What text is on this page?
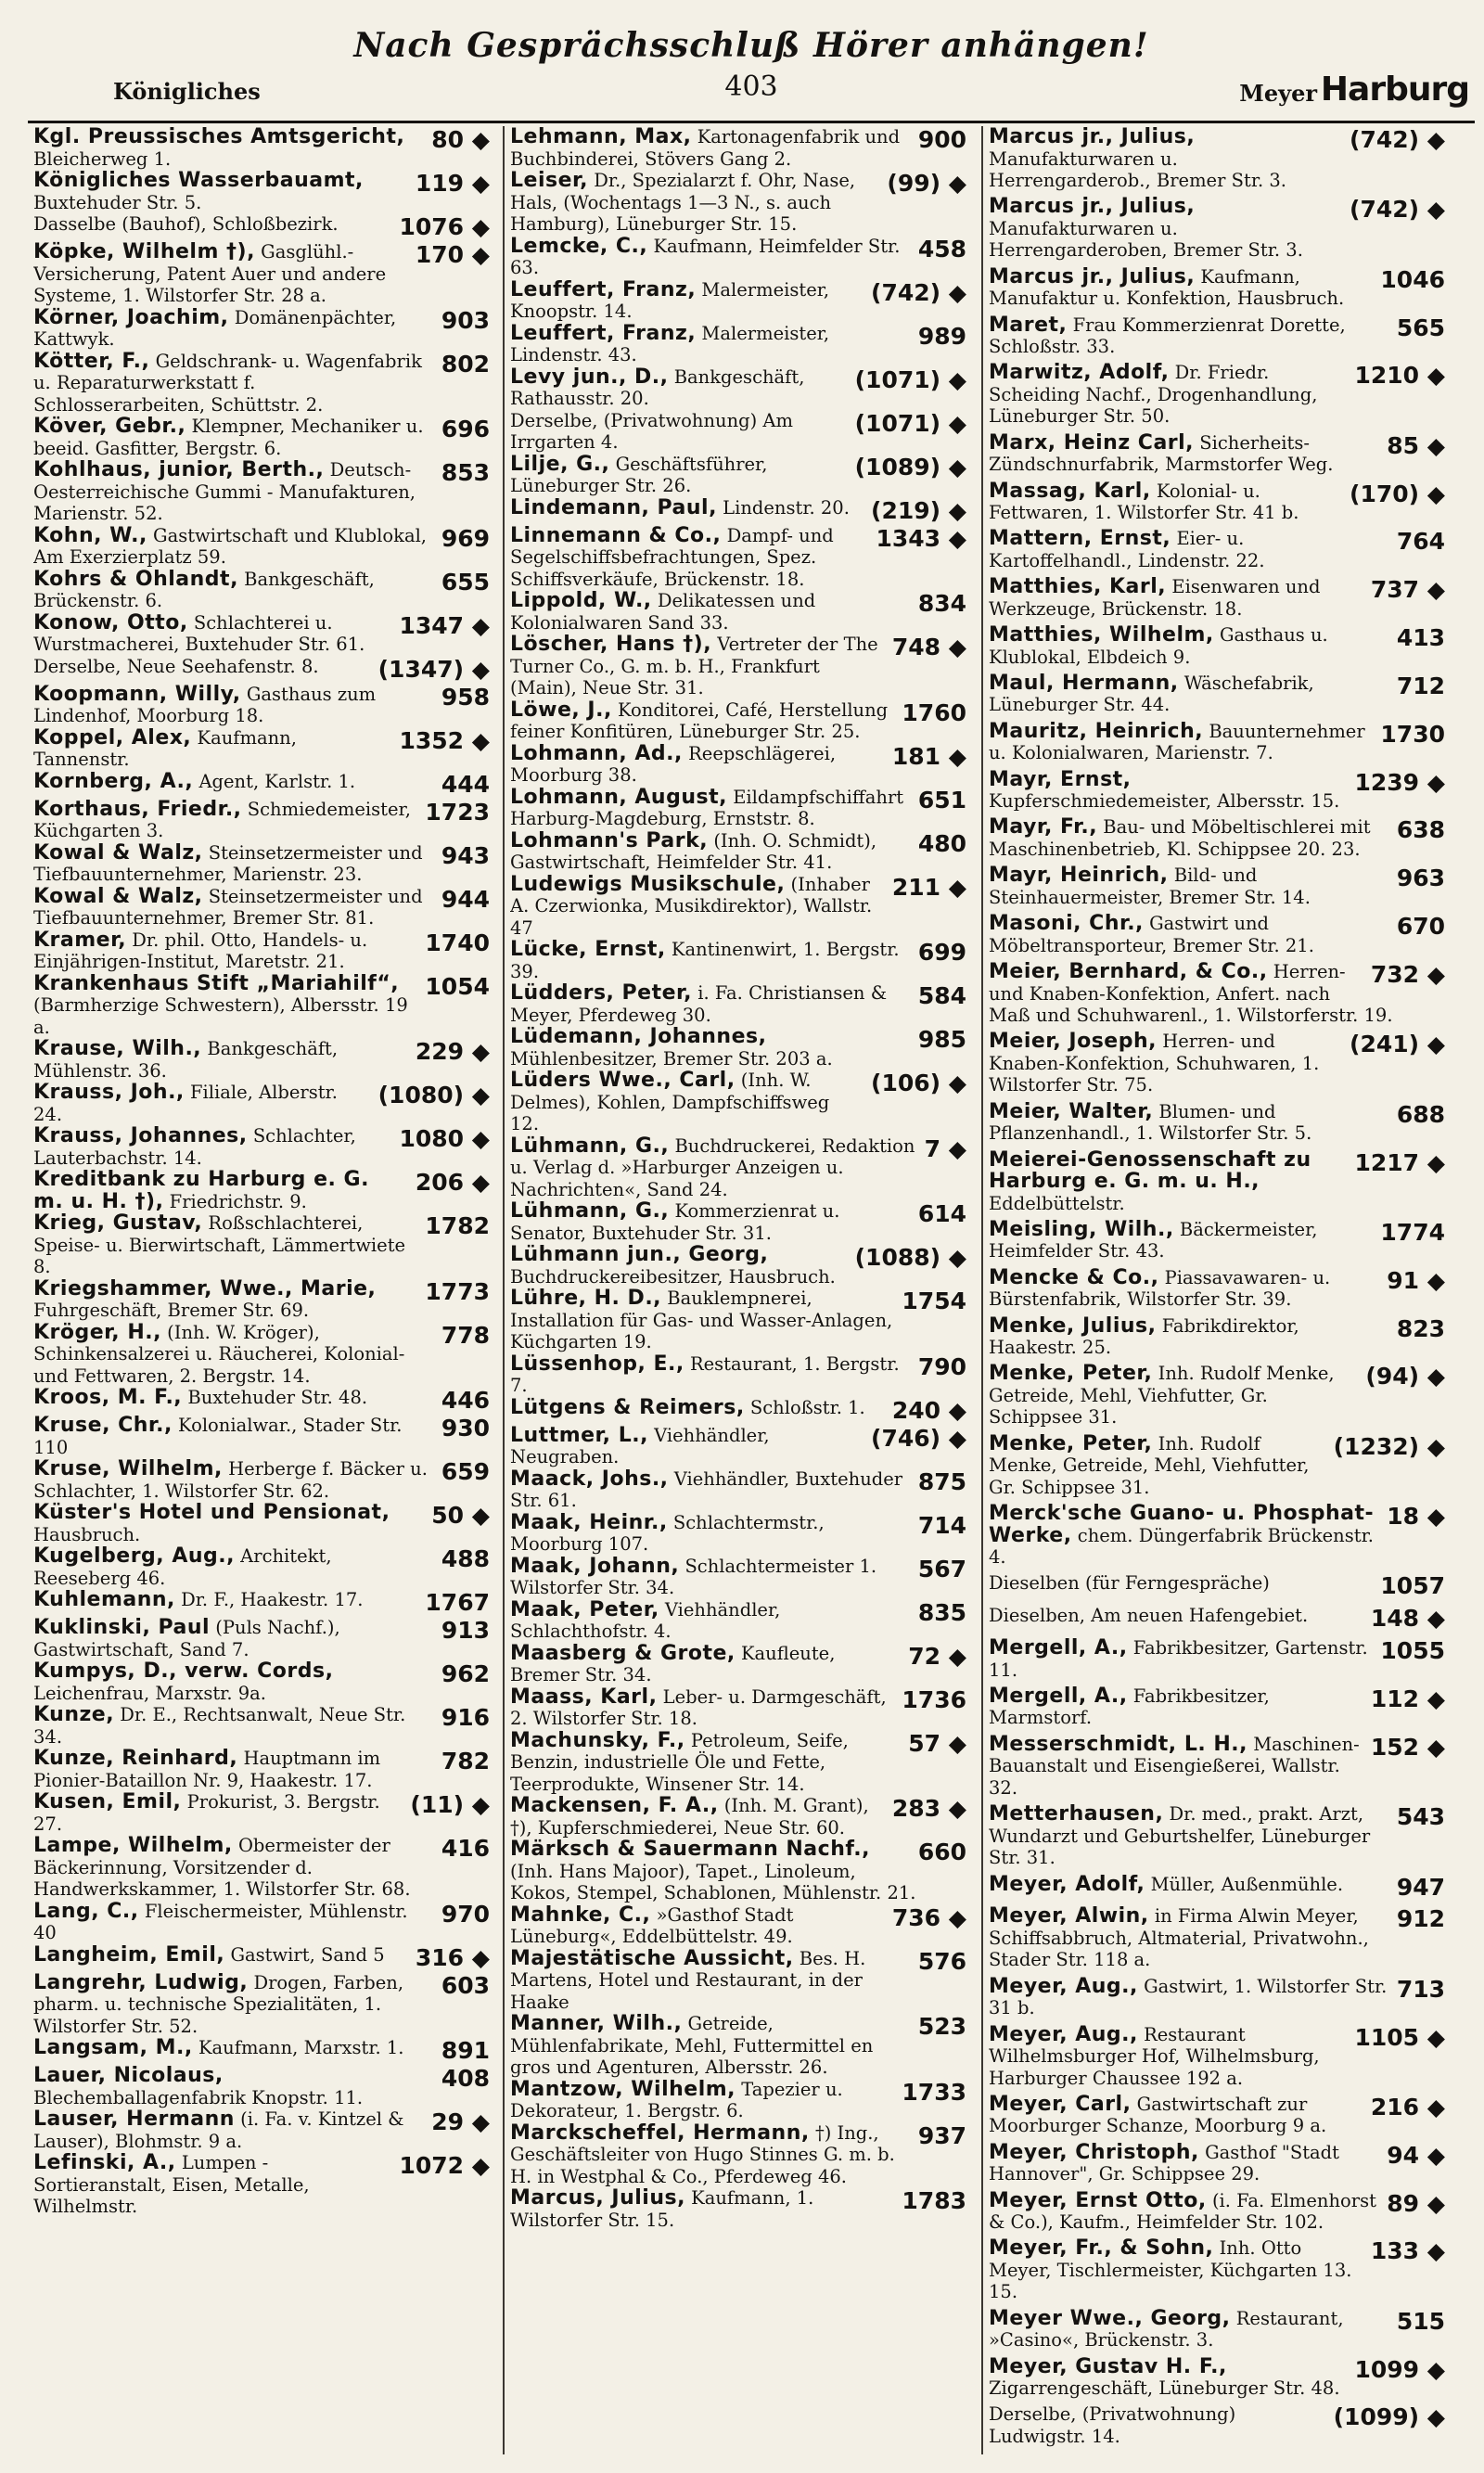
Nach Gesprächsschluß Hörer anhängen!
Königliches	403	Meyer Harburg
80 ◆
Kgl. Preussisches Amtsgericht, Bleicherweg 1.
119 ◆
Königliches Wasserbauamt, Buxtehuder Str. 5.
1076 ◆
Dasselbe (Bauhof), Schloßbezirk.
170 ◆
Köpke, Wilhelm †), Gasglühl.-Versicherung, Patent Auer und andere Systeme, 1. Wilstorfer Str. 28 a.
903
Körner, Joachim, Domänenpächter, Kattwyk.
802
Kötter, F., Geldschrank- u. Wagenfabrik u. Reparaturwerkstatt f. Schlosserarbeiten, Schüttstr. 2.
696
Köver, Gebr., Klempner, Mechaniker u. beeid. Gasfitter, Bergstr. 6.
853
Kohlhaus, junior, Berth., Deutsch-Oesterreichische Gummi - Manufakturen, Marienstr. 52.
969
Kohn, W., Gastwirtschaft und Klublokal, Am Exerzierplatz 59.
655
Kohrs & Ohlandt, Bankgeschäft, Brückenstr. 6.
1347 ◆
Konow, Otto, Schlachterei u. Wurstmacherei, Buxtehuder Str. 61.
(1347) ◆
Derselbe, Neue Seehafenstr. 8.
958
Koopmann, Willy, Gasthaus zum Lindenhof, Moorburg 18.
1352 ◆
Koppel, Alex, Kaufmann, Tannenstr.
444
Kornberg, A., Agent, Karlstr. 1.
1723
Korthaus, Friedr., Schmiedemeister, Küchgarten 3.
943
Kowal & Walz, Steinsetzermeister und Tiefbauunternehmer, Marienstr. 23.
944
Kowal & Walz, Steinsetzermeister und Tiefbauunternehmer, Bremer Str. 81.
1740
Kramer, Dr. phil. Otto, Handels- u. Einjährigen-Institut, Maretstr. 21.
1054
Krankenhaus Stift „Mariahilf“, (Barmherzige Schwestern), Albersstr. 19 a.
229 ◆
Krause, Wilh., Bankgeschäft, Mühlenstr. 36.
(1080) ◆
Krauss, Joh., Filiale, Alberstr. 24.
1080 ◆
Krauss, Johannes, Schlachter, Lauterbachstr. 14.
206 ◆
Kreditbank zu Harburg e. G. m. u. H. †), Friedrichstr. 9.
1782
Krieg, Gustav, Roßschlachterei, Speise- u. Bierwirtschaft, Lämmertwiete 8.
1773
Kriegshammer, Wwe., Marie, Fuhrgeschäft, Bremer Str. 69.
778
Kröger, H., (Inh. W. Kröger), Schinkensalzerei u. Räucherei, Kolonial- und Fettwaren, 2. Bergstr. 14.
446
Kroos, M. F., Buxtehuder Str. 48.
930
Kruse, Chr., Kolonialwar., Stader Str. 110
659
Kruse, Wilhelm, Herberge f. Bäcker u. Schlachter, 1. Wilstorfer Str. 62.
50 ◆
Küster's Hotel und Pensionat, Hausbruch.
488
Kugelberg, Aug., Architekt, Reeseberg 46.
1767
Kuhlemann, Dr. F., Haakestr. 17.
913
Kuklinski, Paul (Puls Nachf.), Gastwirtschaft, Sand 7.
962
Kumpys, D., verw. Cords, Leichenfrau, Marxstr. 9a.
916
Kunze, Dr. E., Rechtsanwalt, Neue Str. 34.
782
Kunze, Reinhard, Hauptmann im Pionier-Bataillon Nr. 9, Haakestr. 17.
(11) ◆
Kusen, Emil, Prokurist, 3. Bergstr. 27.
416
Lampe, Wilhelm, Obermeister der Bäckerinnung, Vorsitzender d. Handwerkskammer, 1. Wilstorfer Str. 68.
970
Lang, C., Fleischermeister, Mühlenstr. 40
316 ◆
Langheim, Emil, Gastwirt, Sand 5
603
Langrehr, Ludwig, Drogen, Farben, pharm. u. technische Spezialitäten, 1. Wilstorfer Str. 52.
891
Langsam, M., Kaufmann, Marxstr. 1.
408
Lauer, Nicolaus, Blechemballagenfabrik Knopstr. 11.
29 ◆
Lauser, Hermann (i. Fa. v. Kintzel & Lauser), Blohmstr. 9 a.
1072 ◆
Lefinski, A., Lumpen - Sortieranstalt, Eisen, Metalle, Wilhelmstr.
900
Lehmann, Max, Kartonagenfabrik und Buchbinderei, Stövers Gang 2.
(99) ◆
Leiser, Dr., Spezialarzt f. Ohr, Nase, Hals, (Wochentags 1—3 N., s. auch Hamburg), Lüneburger Str. 15.
458
Lemcke, C., Kaufmann, Heimfelder Str. 63.
(742) ◆
Leuffert, Franz, Malermeister, Knoopstr. 14.
989
Leuffert, Franz, Malermeister, Lindenstr. 43.
(1071) ◆
Levy jun., D., Bankgeschäft, Rathausstr. 20.
(1071) ◆
Derselbe, (Privatwohnung) Am Irrgarten 4.
(1089) ◆
Lilje, G., Geschäftsführer, Lüneburger Str. 26.
(219) ◆
Lindemann, Paul, Lindenstr. 20.
1343 ◆
Linnemann & Co., Dampf- und Segelschiffsbefrachtungen, Spez. Schiffsverkäufe, Brückenstr. 18.
834
Lippold, W., Delikatessen und Kolonialwaren Sand 33.
748 ◆
Löscher, Hans †), Vertreter der The Turner Co., G. m. b. H., Frankfurt (Main), Neue Str. 31.
1760
Löwe, J., Konditorei, Café, Herstellung feiner Konfitüren, Lüneburger Str. 25.
181 ◆
Lohmann, Ad., Reepschlägerei, Moorburg 38.
651
Lohmann, August, Eildampfschiffahrt Harburg-Magdeburg, Ernststr. 8.
480
Lohmann's Park, (Inh. O. Schmidt), Gastwirtschaft, Heimfelder Str. 41.
211 ◆
Ludewigs Musikschule, (Inhaber A. Czerwionka, Musikdirektor), Wallstr. 47
699
Lücke, Ernst, Kantinenwirt, 1. Bergstr. 39.
584
Lüdders, Peter, i. Fa. Christiansen & Meyer, Pferdeweg 30.
985
Lüdemann, Johannes, Mühlenbesitzer, Bremer Str. 203 a.
(106) ◆
Lüders Wwe., Carl, (Inh. W. Delmes), Kohlen, Dampfschiffsweg 12.
7 ◆
Lühmann, G., Buchdruckerei, Redaktion u. Verlag d. »Harburger Anzeigen u. Nachrichten«, Sand 24.
614
Lühmann, G., Kommerzienrat u. Senator, Buxtehuder Str. 31.
(1088) ◆
Lühmann jun., Georg, Buchdruckereibesitzer, Hausbruch.
1754
Lühre, H. D., Bauklempnerei, Installation für Gas- und Wasser-Anlagen, Küchgarten 19.
790
Lüssenhop, E., Restaurant, 1. Bergstr. 7.
240 ◆
Lütgens & Reimers, Schloßstr. 1.
(746) ◆
Luttmer, L., Viehhändler, Neugraben.
875
Maack, Johs., Viehhändler, Buxtehuder Str. 61.
714
Maak, Heinr., Schlachtermstr., Moorburg 107.
567
Maak, Johann, Schlachtermeister 1. Wilstorfer Str. 34.
835
Maak, Peter, Viehhändler, Schlachthofstr. 4.
72 ◆
Maasberg & Grote, Kaufleute, Bremer Str. 34.
1736
Maass, Karl, Leber- u. Darmgeschäft, 2. Wilstorfer Str. 18.
57 ◆
Machunsky, F., Petroleum, Seife, Benzin, industrielle Öle und Fette, Teerprodukte, Winsener Str. 14.
283 ◆
Mackensen, F. A., (Inh. M. Grant), †), Kupferschmiederei, Neue Str. 60.
660
Märksch & Sauermann Nachf., (Inh. Hans Majoor), Tapet., Linoleum, Kokos, Stempel, Schablonen, Mühlenstr. 21.
736 ◆
Mahnke, C., »Gasthof Stadt Lüneburg«, Eddelbüttelstr. 49.
576
Majestätische Aussicht, Bes. H. Martens, Hotel und Restaurant, in der Haake
523
Manner, Wilh., Getreide, Mühlenfabrikate, Mehl, Futtermittel en gros und Agenturen, Albersstr. 26.
1733
Mantzow, Wilhelm, Tapezier u. Dekorateur, 1. Bergstr. 6.
937
Marckscheffel, Hermann, †) Ing., Geschäftsleiter von Hugo Stinnes G. m. b. H. in Westphal & Co., Pferdeweg 46.
1783
Marcus, Julius, Kaufmann, 1. Wilstorfer Str. 15.
(742) ◆
Marcus jr., Julius, Manufakturwaren u. Herrengarderob., Bremer Str. 3.
(742) ◆
Marcus jr., Julius, Manufakturwaren u. Herrengarderoben, Bremer Str. 3.
1046
Marcus jr., Julius, Kaufmann, Manufaktur u. Konfektion, Hausbruch.
565
Maret, Frau Kommerzienrat Dorette, Schloßstr. 33.
1210 ◆
Marwitz, Adolf, Dr. Friedr. Scheiding Nachf., Drogenhandlung, Lüneburger Str. 50.
85 ◆
Marx, Heinz Carl, Sicherheits-Zündschnurfabrik, Marmstorfer Weg.
(170) ◆
Massag, Karl, Kolonial- u. Fettwaren, 1. Wilstorfer Str. 41 b.
764
Mattern, Ernst, Eier- u. Kartoffelhandl., Lindenstr. 22.
737 ◆
Matthies, Karl, Eisenwaren und Werkzeuge, Brückenstr. 18.
413
Matthies, Wilhelm, Gasthaus u. Klublokal, Elbdeich 9.
712
Maul, Hermann, Wäschefabrik, Lüneburger Str. 44.
1730
Mauritz, Heinrich, Bauunternehmer u. Kolonialwaren, Marienstr. 7.
1239 ◆
Mayr, Ernst, Kupferschmiedemeister, Albersstr. 15.
638
Mayr, Fr., Bau- und Möbeltischlerei mit Maschinenbetrieb, Kl. Schippsee 20. 23.
963
Mayr, Heinrich, Bild- und Steinhauermeister, Bremer Str. 14.
670
Masoni, Chr., Gastwirt und Möbeltransporteur, Bremer Str. 21.
732 ◆
Meier, Bernhard, & Co., Herren- und Knaben-Konfektion, Anfert. nach Maß und Schuhwarenl., 1. Wilstorferstr. 19.
(241) ◆
Meier, Joseph, Herren- und Knaben-Konfektion, Schuhwaren, 1. Wilstorfer Str. 75.
688
Meier, Walter, Blumen- und Pflanzenhandl., 1. Wilstorfer Str. 5.
1217 ◆
Meierei-Genossenschaft zu Harburg e. G. m. u. H., Eddelbüttelstr.
1774
Meisling, Wilh., Bäckermeister, Heimfelder Str. 43.
91 ◆
Mencke & Co., Piassavawaren- u. Bürstenfabrik, Wilstorfer Str. 39.
823
Menke, Julius, Fabrikdirektor, Haakestr. 25.
(94) ◆
Menke, Peter, Inh. Rudolf Menke, Getreide, Mehl, Viehfutter, Gr. Schippsee 31.
(1232) ◆
Menke, Peter, Inh. Rudolf Menke, Getreide, Mehl, Viehfutter, Gr. Schippsee 31.
18 ◆
Merck'sche Guano- u. Phosphat-Werke, chem. Düngerfabrik Brückenstr. 4.
1057
Dieselben (für Ferngespräche)
148 ◆
Dieselben, Am neuen Hafengebiet.
1055
Mergell, A., Fabrikbesitzer, Gartenstr. 11.
112 ◆
Mergell, A., Fabrikbesitzer, Marmstorf.
152 ◆
Messerschmidt, L. H., Maschinen-Bauanstalt und Eisengießerei, Wallstr. 32.
543
Metterhausen, Dr. med., prakt. Arzt, Wundarzt und Geburtshelfer, Lüneburger Str. 31.
947
Meyer, Adolf, Müller, Außenmühle.
912
Meyer, Alwin, in Firma Alwin Meyer, Schiffsabbruch, Altmaterial, Privatwohn., Stader Str. 118 a.
713
Meyer, Aug., Gastwirt, 1. Wilstorfer Str. 31 b.
1105 ◆
Meyer, Aug., Restaurant Wilhelmsburger Hof, Wilhelmsburg, Harburger Chaussee 192 a.
216 ◆
Meyer, Carl, Gastwirtschaft zur Moorburger Schanze, Moorburg 9 a.
94 ◆
Meyer, Christoph, Gasthof "Stadt Hannover", Gr. Schippsee 29.
89 ◆
Meyer, Ernst Otto, (i. Fa. Elmenhorst & Co.), Kaufm., Heimfelder Str. 102.
133 ◆
Meyer, Fr., & Sohn, Inh. Otto Meyer, Tischlermeister, Küchgarten 13. 15.
515
Meyer Wwe., Georg, Restaurant, »Casino«, Brückenstr. 3.
1099 ◆
Meyer, Gustav H. F., Zigarrengeschäft, Lüneburger Str. 48.
(1099) ◆
Derselbe, (Privatwohnung) Ludwigstr. 14.
